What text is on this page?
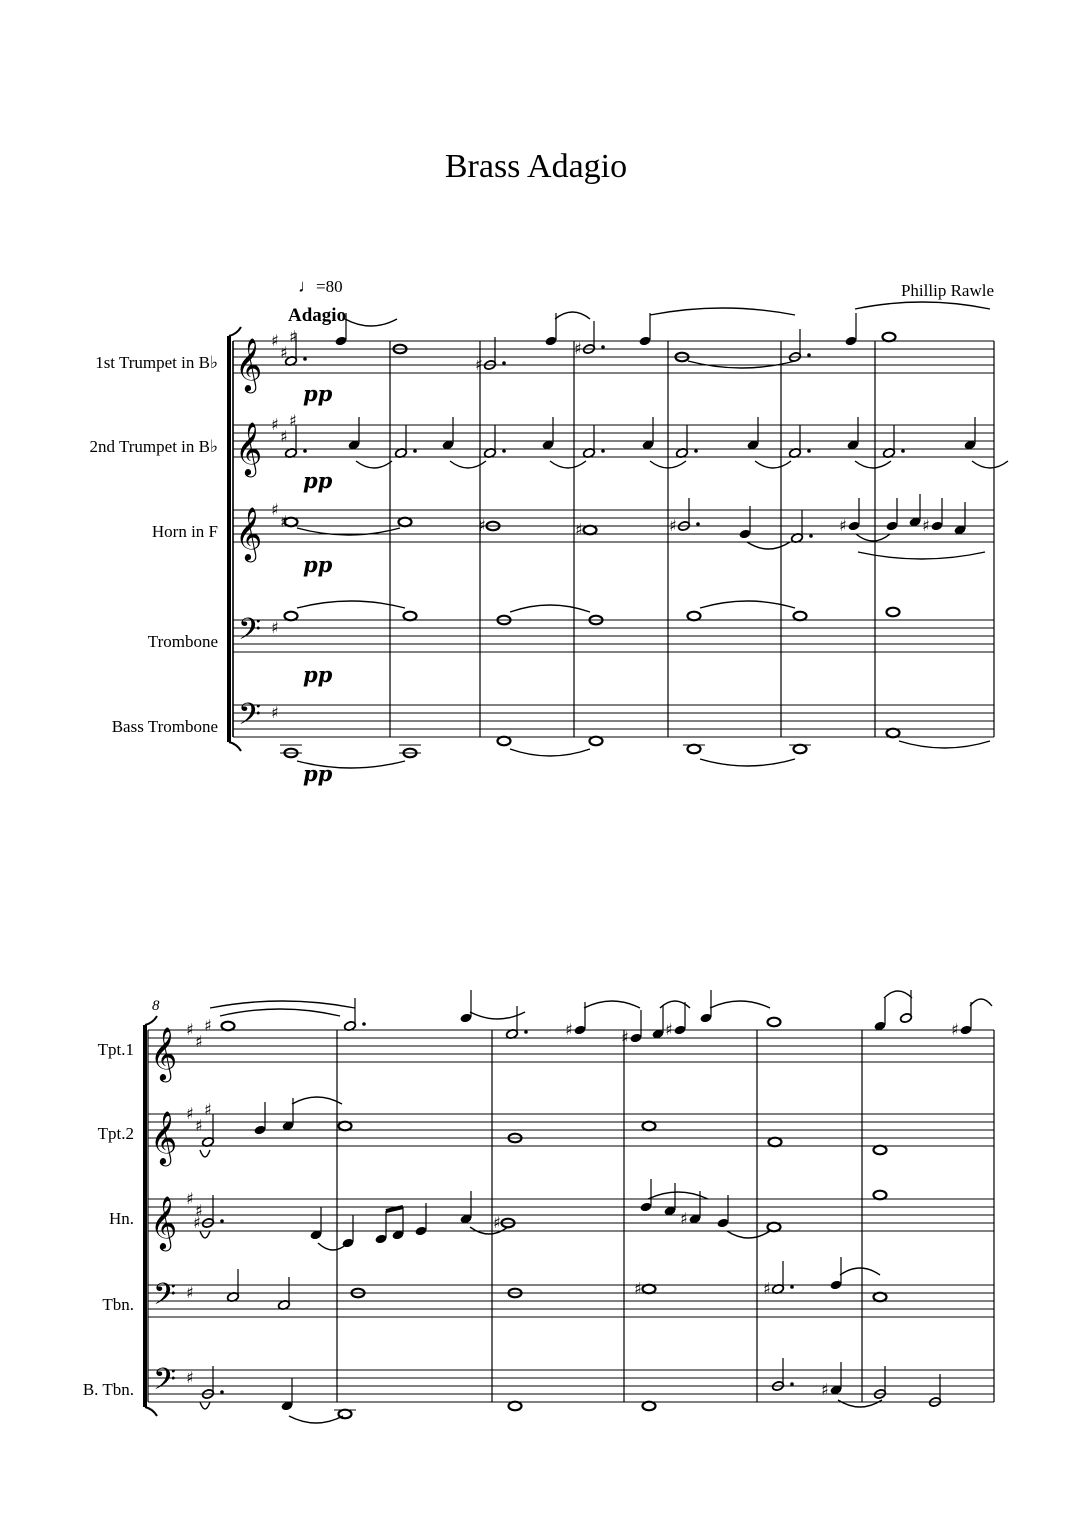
Brass Adagio
Phillip Rawle
♩=80
Adagio
1st Trumpet in B♭
2nd Trumpet in B♭
Horn in F
Trombone
Bass Trombone
Tpt.1
Tpt.2
Hn.
Tbn.
B. Tbn.
8
𝄞 ♯
♯
♯
𝄞 ♯
♯
♯
𝄞 ♯
♯
𝄢 ♯
𝄢 ♯
♯
♯
pp
pp
♯	♯	♯	♯	♯
pp
pp
pp
𝄞 ♯
♯
♯
𝄞 ♯
♯
♯
𝄞 ♯
♯
𝄢 ♯
𝄢 ♯
♯	♯ ♯	♯
♯	♯	♯
♯	♯
♯
